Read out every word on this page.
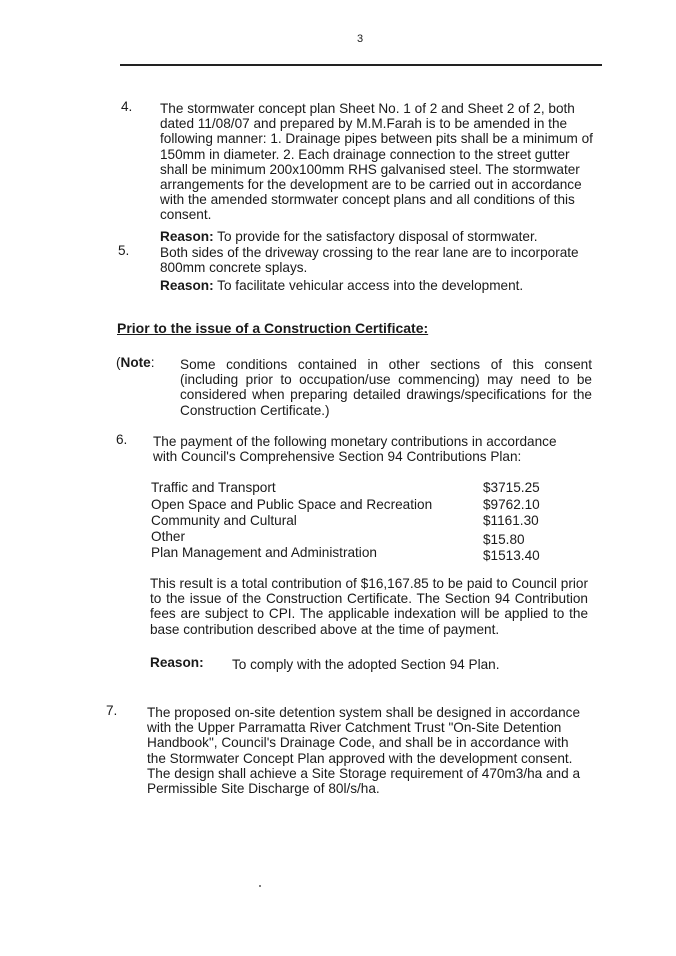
3
4. The stormwater concept plan Sheet No. 1 of 2 and Sheet 2 of 2, both dated 11/08/07 and prepared by M.M.Farah is to be amended in the following manner: 1. Drainage pipes between pits shall be a minimum of 150mm in diameter. 2. Each drainage connection to the street gutter shall be minimum 200x100mm RHS galvanised steel. The stormwater arrangements for the development are to be carried out in accordance with the amended stormwater concept plans and all conditions of this consent.
Reason: To provide for the satisfactory disposal of stormwater.
5. Both sides of the driveway crossing to the rear lane are to incorporate 800mm concrete splays.
Reason: To facilitate vehicular access into the development.
Prior to the issue of a Construction Certificate:
(Note: Some conditions contained in other sections of this consent (including prior to occupation/use commencing) may need to be considered when preparing detailed drawings/specifications for the Construction Certificate.)
6. The payment of the following monetary contributions in accordance with Council's Comprehensive Section 94 Contributions Plan:
Traffic and Transport	$3715.25
Open Space and Public Space and Recreation	$9762.10
Community and Cultural	$1161.30
Other	$15.80
Plan Management and Administration	$1513.40
This result is a total contribution of $16,167.85 to be paid to Council prior to the issue of the Construction Certificate. The Section 94 Contribution fees are subject to CPI. The applicable indexation will be applied to the base contribution described above at the time of payment.
Reason: To comply with the adopted Section 94 Plan.
7. The proposed on-site detention system shall be designed in accordance with the Upper Parramatta River Catchment Trust "On-Site Detention Handbook", Council's Drainage Code, and shall be in accordance with the Stormwater Concept Plan approved with the development consent. The design shall achieve a Site Storage requirement of 470m3/ha and a Permissible Site Discharge of 80l/s/ha.
